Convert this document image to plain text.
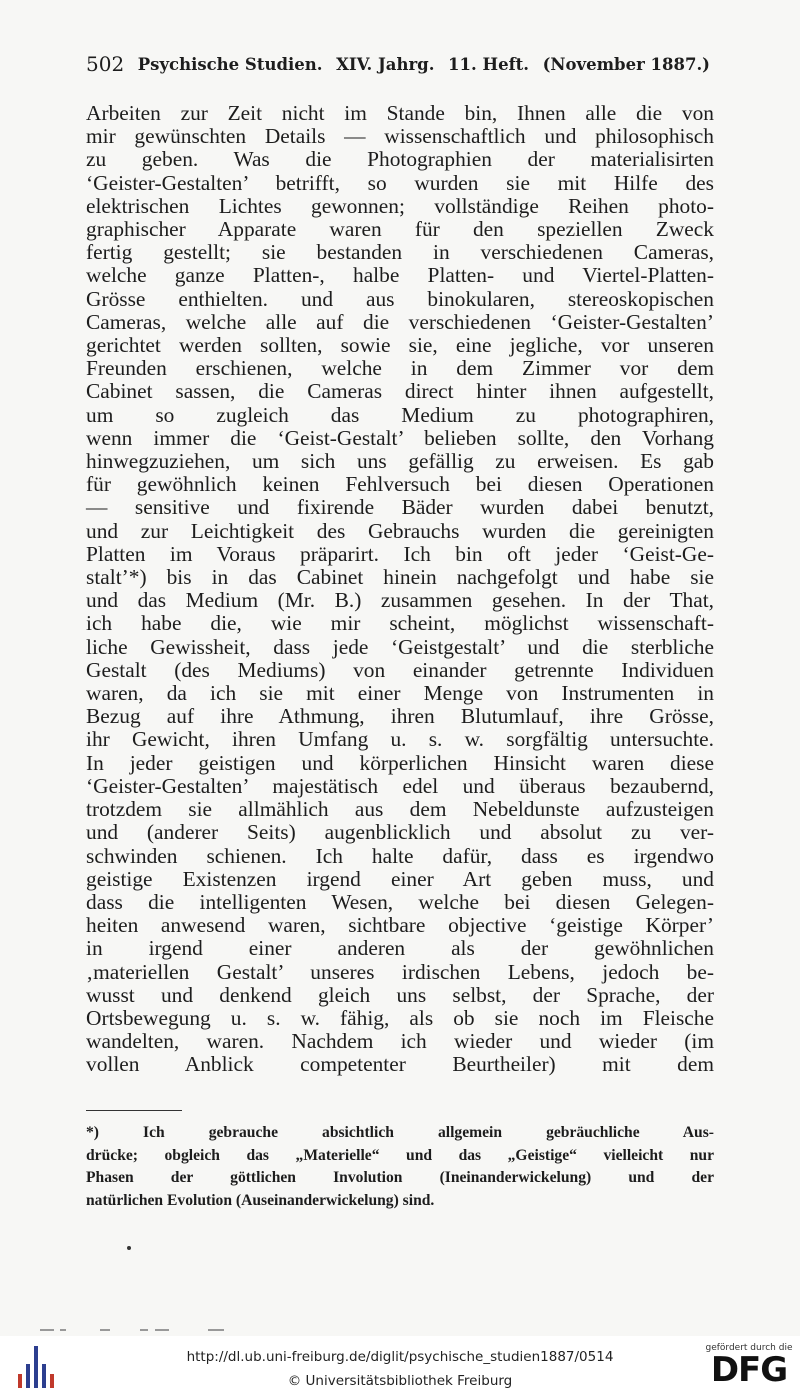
502 Psychische Studien. XIV. Jahrg. 11. Heft. (November 1887.)
Arbeiten zur Zeit nicht im Stande bin, Ihnen alle die von
mir gewünschten Details — wissenschaftlich und philosophisch
zu geben. Was die Photographien der materialisirten
‘Geister-Gestalten’ betrifft, so wurden sie mit Hilfe des
elektrischen Lichtes gewonnen; vollständige Reihen photo-
graphischer Apparate waren für den speziellen Zweck
fertig gestellt; sie bestanden in verschiedenen Cameras,
welche ganze Platten-, halbe Platten- und Viertel-Platten-
Grösse enthielten. und aus binokularen, stereoskopischen
Cameras, welche alle auf die verschiedenen ‘Geister-Gestalten’
gerichtet werden sollten, sowie sie, eine jegliche, vor unseren
Freunden erschienen, welche in dem Zimmer vor dem
Cabinet sassen, die Cameras direct hinter ihnen aufgestellt,
um so zugleich das Medium zu photographiren,
wenn immer die ‘Geist-Gestalt’ belieben sollte, den Vorhang
hinwegzuziehen, um sich uns gefällig zu erweisen. Es gab
für gewöhnlich keinen Fehlversuch bei diesen Operationen
— sensitive und fixirende Bäder wurden dabei benutzt,
und zur Leichtigkeit des Gebrauchs wurden die gereinigten
Platten im Voraus präparirt. Ich bin oft jeder ‘Geist-Ge-
stalt’*) bis in das Cabinet hinein nachgefolgt und habe sie
und das Medium (Mr. B.) zusammen gesehen. In der That,
ich habe die, wie mir scheint, möglichst wissenschaft-
liche Gewissheit, dass jede ‘Geistgestalt’ und die sterbliche
Gestalt (des Mediums) von einander getrennte Individuen
waren, da ich sie mit einer Menge von Instrumenten in
Bezug auf ihre Athmung, ihren Blutumlauf, ihre Grösse,
ihr Gewicht, ihren Umfang u. s. w. sorgfältig untersuchte.
In jeder geistigen und körperlichen Hinsicht waren diese
‘Geister-Gestalten’ majestätisch edel und überaus bezaubernd,
trotzdem sie allmählich aus dem Nebeldunste aufzusteigen
und (anderer Seits) augenblicklich und absolut zu ver-
schwinden schienen. Ich halte dafür, dass es irgendwo
geistige Existenzen irgend einer Art geben muss, und
dass die intelligenten Wesen, welche bei diesen Gelegen-
heiten anwesend waren, sichtbare objective ‘geistige Körper’
in irgend einer anderen als der gewöhnlichen
‚materiellen Gestalt’ unseres irdischen Lebens, jedoch be-
wusst und denkend gleich uns selbst, der Sprache, der
Ortsbewegung u. s. w. fähig, als ob sie noch im Fleische
wandelten, waren. Nachdem ich wieder und wieder (im
vollen Anblick competenter Beurtheiler) mit dem
*) Ich gebrauche absichtlich allgemein gebräuchliche Aus-
drücke; obgleich das „Materielle“ und das „Geistige“ vielleicht nur
Phasen der göttlichen Involution (Ineinanderwickelung) und der
natürlichen Evolution (Auseinanderwickelung) sind.
http://dl.ub.uni-freiburg.de/diglit/psychische_studien1887/0514
© Universitätsbibliothek Freiburg
gefördert durch die
DFG
